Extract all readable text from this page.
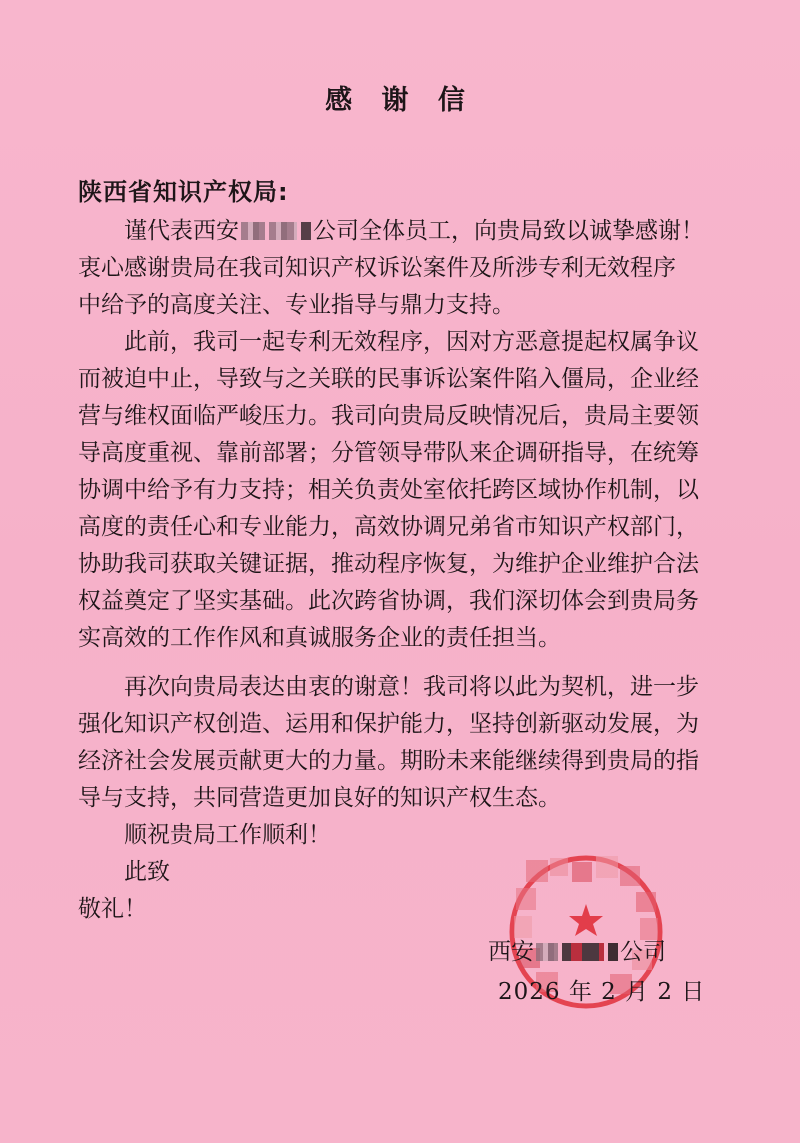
感 谢 信
陕西省知识产权局:
谨代表西安	公司全体员工，向贵局致以诚挚感谢！
衷心感谢贵局在我司知识产权诉讼案件及所涉专利无效程序
中给予的高度关注、专业指导与鼎力支持。
此前，我司一起专利无效程序，因对方恶意提起权属争议
而被迫中止，导致与之关联的民事诉讼案件陷入僵局，企业经
营与维权面临严峻压力。我司向贵局反映情况后，贵局主要领
导高度重视、靠前部署；分管领导带队来企调研指导，在统筹
协调中给予有力支持；相关负责处室依托跨区域协作机制，以
高度的责任心和专业能力，高效协调兄弟省市知识产权部门，
协助我司获取关键证据，推动程序恢复，为维护企业维护合法
权益奠定了坚实基础。此次跨省协调，我们深切体会到贵局务
实高效的工作作风和真诚服务企业的责任担当。
再次向贵局表达由衷的谢意！我司将以此为契机，进一步
强化知识产权创造、运用和保护能力，坚持创新驱动发展，为
经济社会发展贡献更大的力量。期盼未来能继续得到贵局的指
导与支持，共同营造更加良好的知识产权生态。
顺祝贵局工作顺利！
此致
敬礼！
西安	公司
2026 年 2 月 2 日
